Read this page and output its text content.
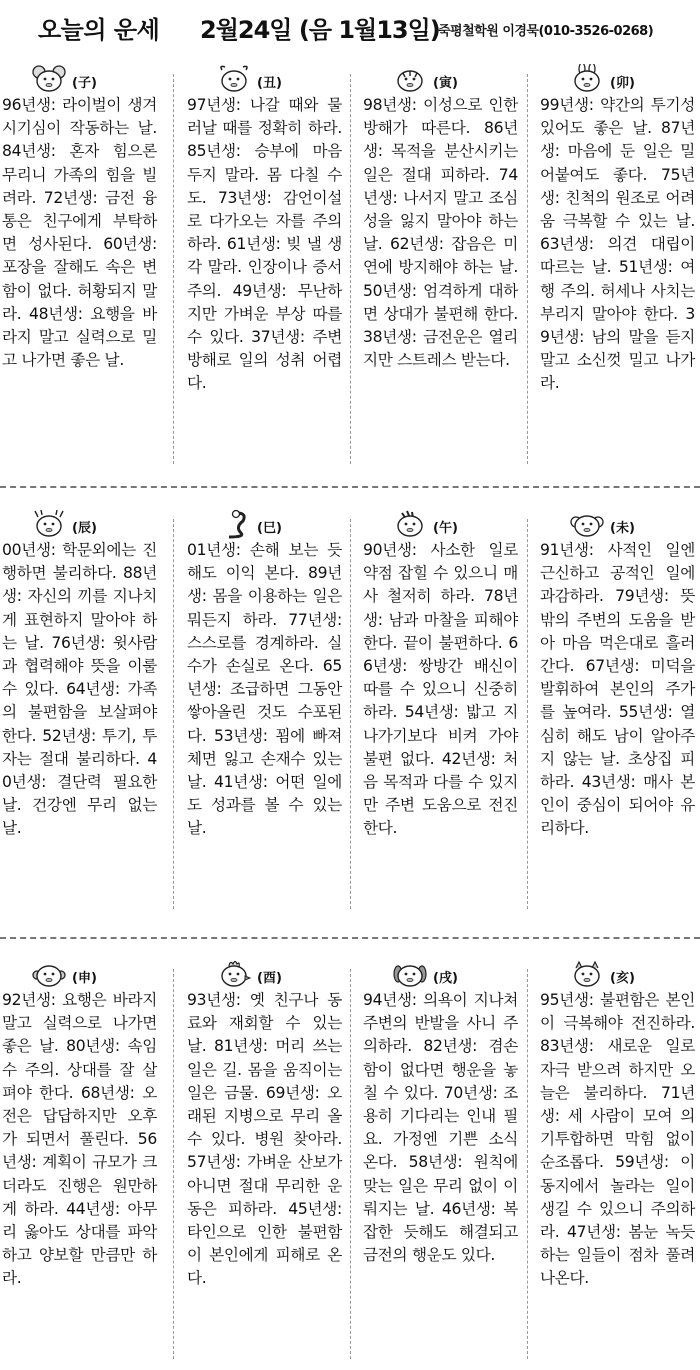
오늘의 운세 2월24일 (음 1월13일)
죽평철학원 이경묵(010-3526-0268)
(子)
96년생: 라이벌이 생겨 시기심이 작동하는 날. 84년생: 혼자 힘으론 무리니 가족의 힘을 빌려라. 72년생: 금전 융통은 친구에게 부탁하면 성사된다. 60년생: 포장을 잘해도 속은 변함이 없다. 허황되지 말라. 48년생: 요행을 바라지 말고 실력으로 밀고 나가면 좋은 날.
(丑)
97년생: 나갈 때와 물러날 때를 정확히 하라. 85년생: 승부에 마음 두지 말라. 몸 다칠 수도. 73년생: 감언이설로 다가오는 자를 주의하라. 61년생: 빚 낼 생각 말라. 인장이나 증서 주의. 49년생: 무난하지만 가벼운 부상 따를 수 있다. 37년생: 주변 방해로 일의 성취 어렵다.
(寅)
98년생: 이성으로 인한 방해가 따른다. 86년생: 목적을 분산시키는 일은 절대 피하라. 74년생: 나서지 말고 조심성을 잃지 말아야 하는 날. 62년생: 잡음은 미연에 방지해야 하는 날. 50년생: 엄격하게 대하면 상대가 불편해 한다. 38년생: 금전운은 열리지만 스트레스 받는다.
(卯)
99년생: 약간의 투기성 있어도 좋은 날. 87년생: 마음에 둔 일은 밀어붙여도 좋다. 75년생: 친척의 원조로 어려움 극복할 수 있는 날. 63년생: 의견 대립이 따르는 날. 51년생: 여행 주의. 허세나 사치는 부리지 말아야 한다. 39년생: 남의 말을 듣지 말고 소신껏 밀고 나가라.
(辰)
00년생: 학문외에는 진행하면 불리하다. 88년생: 자신의 끼를 지나치게 표현하지 말아야 하는 날. 76년생: 윗사람과 협력해야 뜻을 이룰 수 있다. 64년생: 가족의 불편함을 보살펴야 한다. 52년생: 투기, 투자는 절대 불리하다. 40년생: 결단력 필요한 날. 건강엔 무리 없는 날.
(巳)
01년생: 손해 보는 듯해도 이익 본다. 89년생: 몸을 이용하는 일은 뭐든지 하라. 77년생: 스스로를 경계하라. 실수가 손실로 온다. 65년생: 조급하면 그동안 쌓아올린 것도 수포된다. 53년생: 꾐에 빠져 체면 잃고 손재수 있는 날. 41년생: 어떤 일에도 성과를 볼 수 있는 날.
(午)
90년생: 사소한 일로 약점 잡힐 수 있으니 매사 철저히 하라. 78년생: 남과 마찰을 피해야 한다. 끝이 불편하다. 66년생: 쌍방간 배신이 따를 수 있으니 신중히 하라. 54년생: 밟고 지나가기보다 비켜 가야 불편 없다. 42년생: 처음 목적과 다를 수 있지만 주변 도움으로 전진한다.
(未)
91년생: 사적인 일엔 근신하고 공적인 일에 과감하라. 79년생: 뜻밖의 주변의 도움을 받아 마음 먹은대로 흘러간다. 67년생: 미덕을 발휘하여 본인의 주가를 높여라. 55년생: 열심히 해도 남이 알아주지 않는 날. 초상집 피하라. 43년생: 매사 본인이 중심이 되어야 유리하다.
(申)
92년생: 요행은 바라지 말고 실력으로 나가면 좋은 날. 80년생: 속임수 주의. 상대를 잘 살펴야 한다. 68년생: 오전은 답답하지만 오후가 되면서 풀린다. 56년생: 계획이 규모가 크더라도 진행은 원만하게 하라. 44년생: 아무리 옳아도 상대를 파악하고 양보할 만큼만 하라.
(酉)
93년생: 옛 친구나 동료와 재회할 수 있는 날. 81년생: 머리 쓰는 일은 길. 몸을 움직이는 일은 금물. 69년생: 오래된 지병으로 무리 올 수 있다. 병원 찾아라. 57년생: 가벼운 산보가 아니면 절대 무리한 운동은 피하라. 45년생: 타인으로 인한 불편함이 본인에게 피해로 온다.
(戌)
94년생: 의욕이 지나쳐 주변의 반발을 사니 주의하라. 82년생: 겸손함이 없다면 행운을 놓칠 수 있다. 70년생: 조용히 기다리는 인내 필요. 가정엔 기쁜 소식 온다. 58년생: 원칙에 맞는 일은 무리 없이 이뤄지는 날. 46년생: 복잡한 듯해도 해결되고 금전의 행운도 있다.
(亥)
95년생: 불편함은 본인이 극복해야 전진하라. 83년생: 새로운 일로 자극 받으려 하지만 오늘은 불리하다. 71년생: 세 사람이 모여 의기투합하면 막힘 없이 순조롭다. 59년생: 이동지에서 놀라는 일이 생길 수 있으니 주의하라. 47년생: 봄눈 녹듯 하는 일들이 점차 풀려 나온다.
